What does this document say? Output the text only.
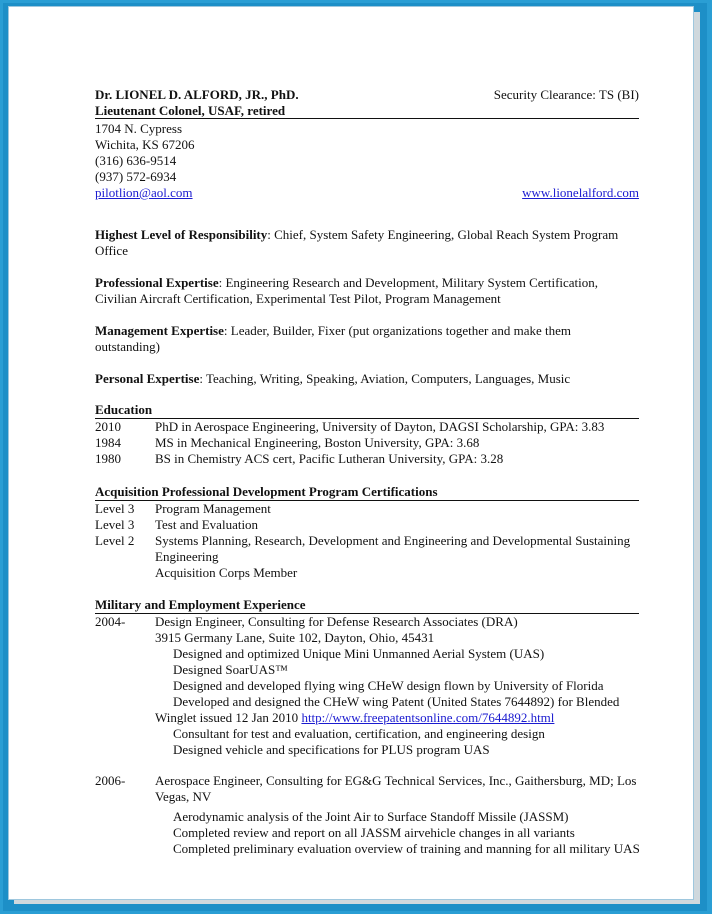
Dr. LIONEL D. ALFORD, JR., PhD.	Security Clearance: TS (BI)
Lieutenant Colonel, USAF, retired
1704 N. Cypress
Wichita, KS 67206
(316) 636-9514
(937) 572-6934
pilotlion@aol.com	www.lionelalford.com
Highest Level of Responsibility: Chief, System Safety Engineering, Global Reach System Program Office
Professional Expertise: Engineering Research and Development, Military System Certification, Civilian Aircraft Certification, Experimental Test Pilot, Program Management
Management Expertise: Leader, Builder, Fixer (put organizations together and make them outstanding)
Personal Expertise: Teaching, Writing, Speaking, Aviation, Computers, Languages, Music
Education
2010	PhD in Aerospace Engineering, University of Dayton, DAGSI Scholarship, GPA: 3.83
1984	MS in Mechanical Engineering, Boston University, GPA: 3.68
1980	BS in Chemistry ACS cert, Pacific Lutheran University, GPA: 3.28
Acquisition Professional Development Program Certifications
Level 3	Program Management
Level 3	Test and Evaluation
Level 2	Systems Planning, Research, Development and Engineering and Developmental Sustaining Engineering
Acquisition Corps Member
Military and Employment Experience
2004-	Design Engineer, Consulting for Defense Research Associates (DRA)
3915 Germany Lane, Suite 102, Dayton, Ohio, 45431
Designed and optimized Unique Mini Unmanned Aerial System (UAS)
Designed SoarUAS™
Designed and developed flying wing CHeW design flown by University of Florida
Developed and designed the CHeW wing Patent (United States 7644892) for Blended
Winglet issued 12 Jan 2010 http://www.freepatentsonline.com/7644892.html
Consultant for test and evaluation, certification, and engineering design
Designed vehicle and specifications for PLUS program UAS
2006-	Aerospace Engineer, Consulting for EG&G Technical Services, Inc., Gaithersburg, MD; Los Vegas, NV
Aerodynamic analysis of the Joint Air to Surface Standoff Missile (JASSM)
Completed review and report on all JASSM airvehicle changes in all variants
Completed preliminary evaluation overview of training and manning for all military UAS
